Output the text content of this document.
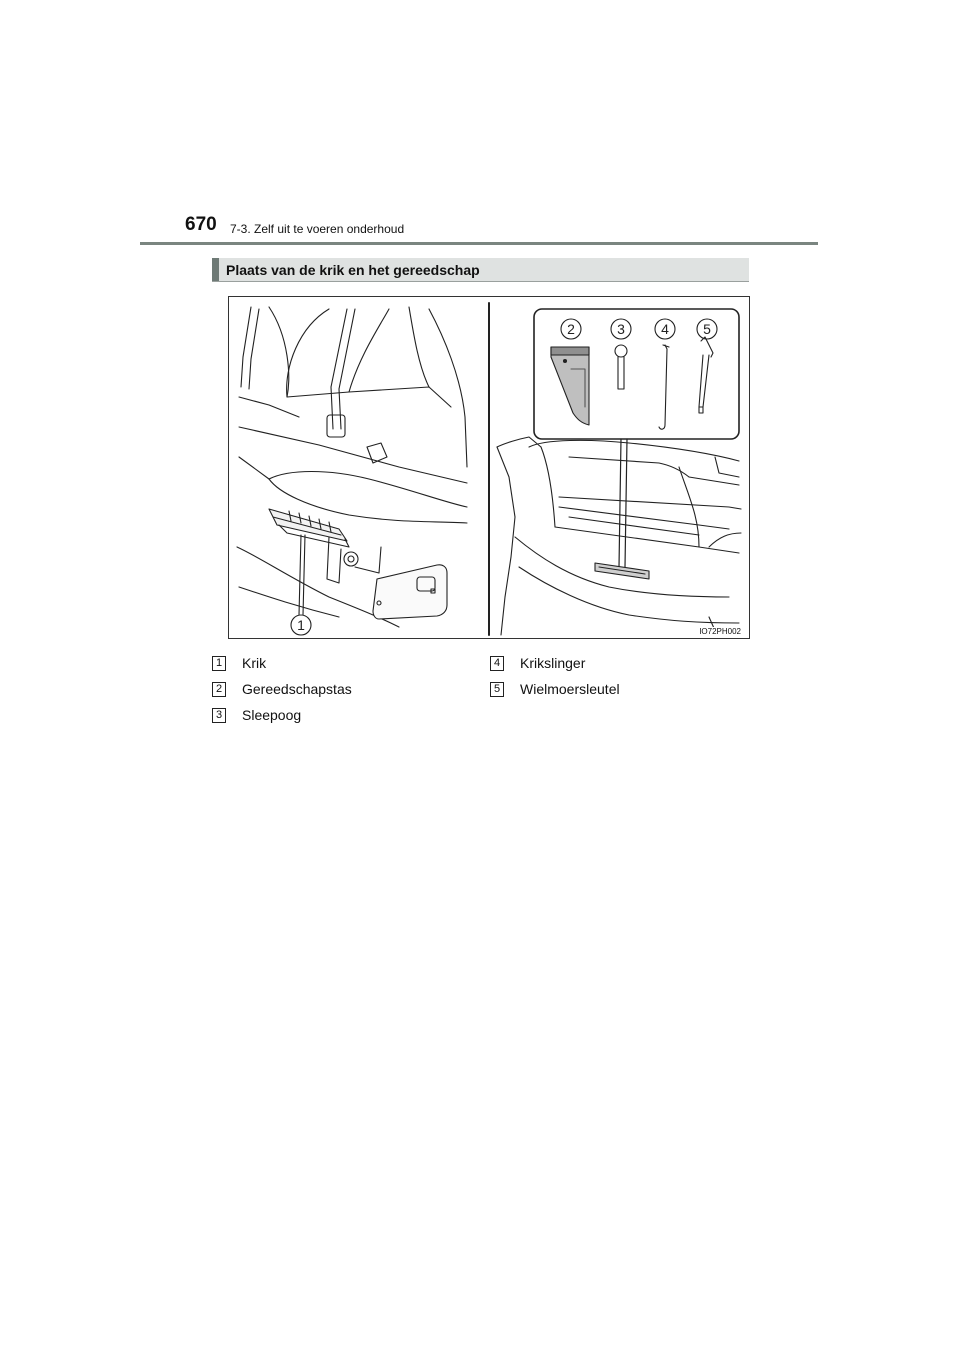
670 7-3. Zelf uit te voeren onderhoud
Plaats van de krik en het gereedschap
1
2	3	4 5
IO72PH002
1 Krik
2 Gereedschapstas
3 Sleepoog
4 Krikslinger
5 Wielmoersleutel
